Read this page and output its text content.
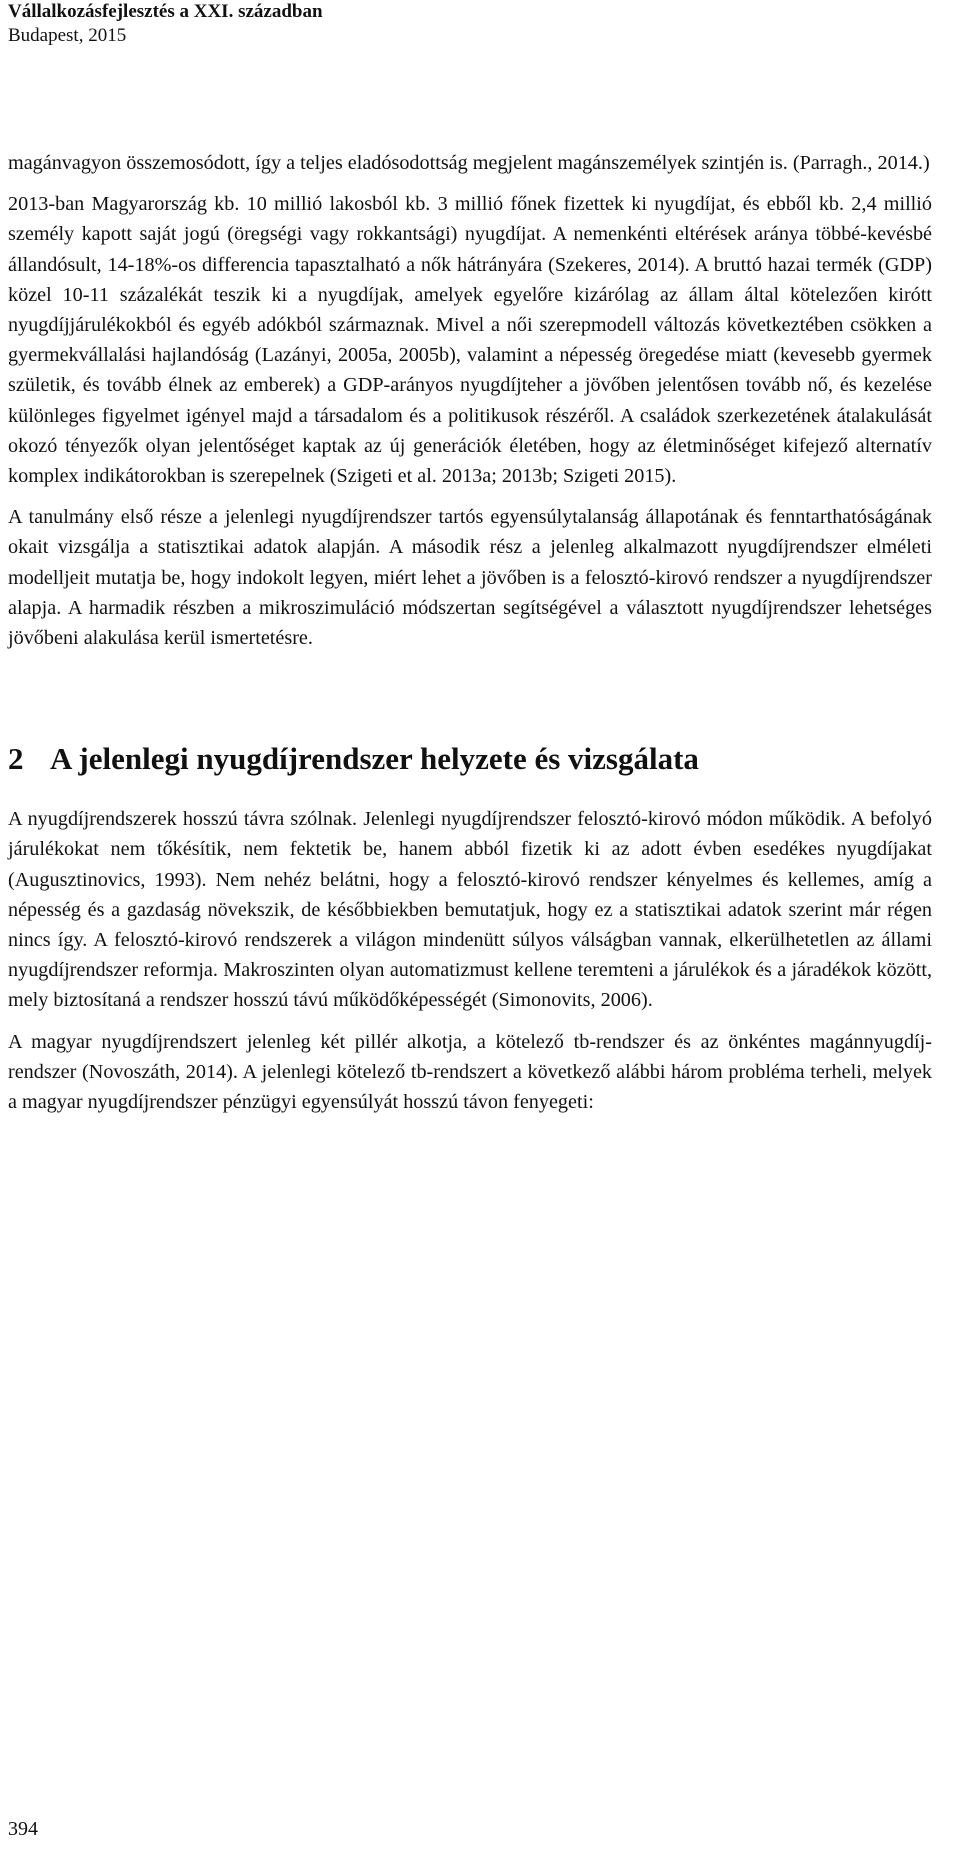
Vállalkozásfejlesztés a XXI. században
Budapest, 2015

magánvagyon összemosódott, így a teljes eladósodottság megjelent magánszemélyek szintjén is. (Parragh., 2014.)

2013-ban Magyarország kb. 10 millió lakosból kb. 3 millió főnek fizettek ki nyugdíjat, és ebből kb. 2,4 millió személy kapott saját jogú (öregségi vagy rokkantsági) nyugdíjat. A nemenkénti eltérések aránya többé-kevésbé állandósult, 14-18%-os differencia tapasztalható a nők hátrányára (Szekeres, 2014). A bruttó hazai termék (GDP) közel 10-11 százalékát teszik ki a nyugdíjak, amelyek egyelőre kizárólag az állam által kötelezően kirótt nyugdíjjárulékokból és egyéb adókból származnak. Mivel a női szerepmodell változás következtében csökken a gyermekvállalási hajlandóság (Lazányi, 2005a, 2005b), valamint a népesség öregedése miatt (kevesebb gyermek születik, és tovább élnek az emberek) a GDP-arányos nyugdíjteher a jövőben jelentősen tovább nő, és kezelése különleges figyelmet igényel majd a társadalom és a politikusok részéről. A családok szerkezetének átalakulását okozó tényezők olyan jelentőséget kaptak az új generációk életében, hogy az életminőséget kifejező alternatív komplex indikátorokban is szerepelnek (Szigeti et al. 2013a; 2013b; Szigeti 2015).

A tanulmány első része a jelenlegi nyugdíjrendszer tartós egyensúlytalanság állapotának és fenntarthatóságának okait vizsgálja a statisztikai adatok alapján. A második rész a jelenleg alkalmazott nyugdíjrendszer elméleti modelljeit mutatja be, hogy indokolt legyen, miért lehet a jövőben is a felosztó-kirovó rendszer a nyugdíjrendszer alapja. A harmadik részben a mikroszimuláció módszertan segítségével a választott nyugdíjrendszer lehetséges jövőbeni alakulása kerül ismertetésre.

2 A jelenlegi nyugdíjrendszer helyzete és vizsgálata

A nyugdíjrendszerek hosszú távra szólnak. Jelenlegi nyugdíjrendszer felosztó-kirovó módon működik. A befolyó járulékokat nem tőkésítik, nem fektetik be, hanem abból fizetik ki az adott évben esedékes nyugdíjakat (Augusztinovics, 1993). Nem nehéz belátni, hogy a felosztó-kirovó rendszer kényelmes és kellemes, amíg a népesség és a gazdaság növekszik, de későbbiekben bemutatjuk, hogy ez a statisztikai adatok szerint már régen nincs így. A felosztó-kirovó rendszerek a világon mindenütt súlyos válságban vannak, elkerülhetetlen az állami nyugdíjrendszer reformja. Makroszinten olyan automatizmust kellene teremteni a járulékok és a járadékok között, mely biztosítaná a rendszer hosszú távú működőképességét (Simonovits, 2006).

A magyar nyugdíjrendszert jelenleg két pillér alkotja, a kötelező tb-rendszer és az önkéntes magánnyugdíj-rendszer (Novoszáth, 2014). A jelenlegi kötelező tb-rendszert a következő alábbi három probléma terheli, melyek a magyar nyugdíjrendszer pénzügyi egyensúlyát hosszú távon fenyegeti:

394
